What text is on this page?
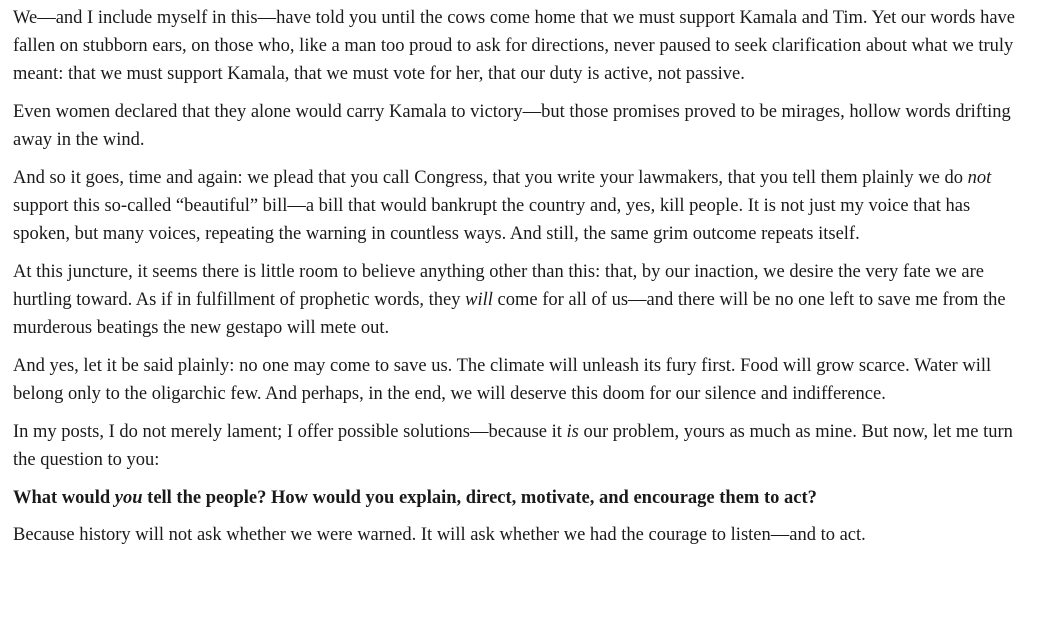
We—and I include myself in this—have told you until the cows come home that we must support Kamala and Tim. Yet our words have fallen on stubborn ears, on those who, like a man too proud to ask for directions, never paused to seek clarification about what we truly meant: that we must support Kamala, that we must vote for her, that our duty is active, not passive.

Even women declared that they alone would carry Kamala to victory—but those promises proved to be mirages, hollow words drifting away in the wind.

And so it goes, time and again: we plead that you call Congress, that you write your lawmakers, that you tell them plainly we do not support this so-called “beautiful” bill—a bill that would bankrupt the country and, yes, kill people. It is not just my voice that has spoken, but many voices, repeating the warning in countless ways. And still, the same grim outcome repeats itself.

At this juncture, it seems there is little room to believe anything other than this: that, by our inaction, we desire the very fate we are hurtling toward. As if in fulfillment of prophetic words, they will come for all of us—and there will be no one left to save me from the murderous beatings the new gestapo will mete out.

And yes, let it be said plainly: no one may come to save us. The climate will unleash its fury first. Food will grow scarce. Water will belong only to the oligarchic few. And perhaps, in the end, we will deserve this doom for our silence and indifference.

In my posts, I do not merely lament; I offer possible solutions—because it is our problem, yours as much as mine. But now, let me turn the question to you:

What would you tell the people? How would you explain, direct, motivate, and encourage them to act?

Because history will not ask whether we were warned. It will ask whether we had the courage to listen—and to act.
